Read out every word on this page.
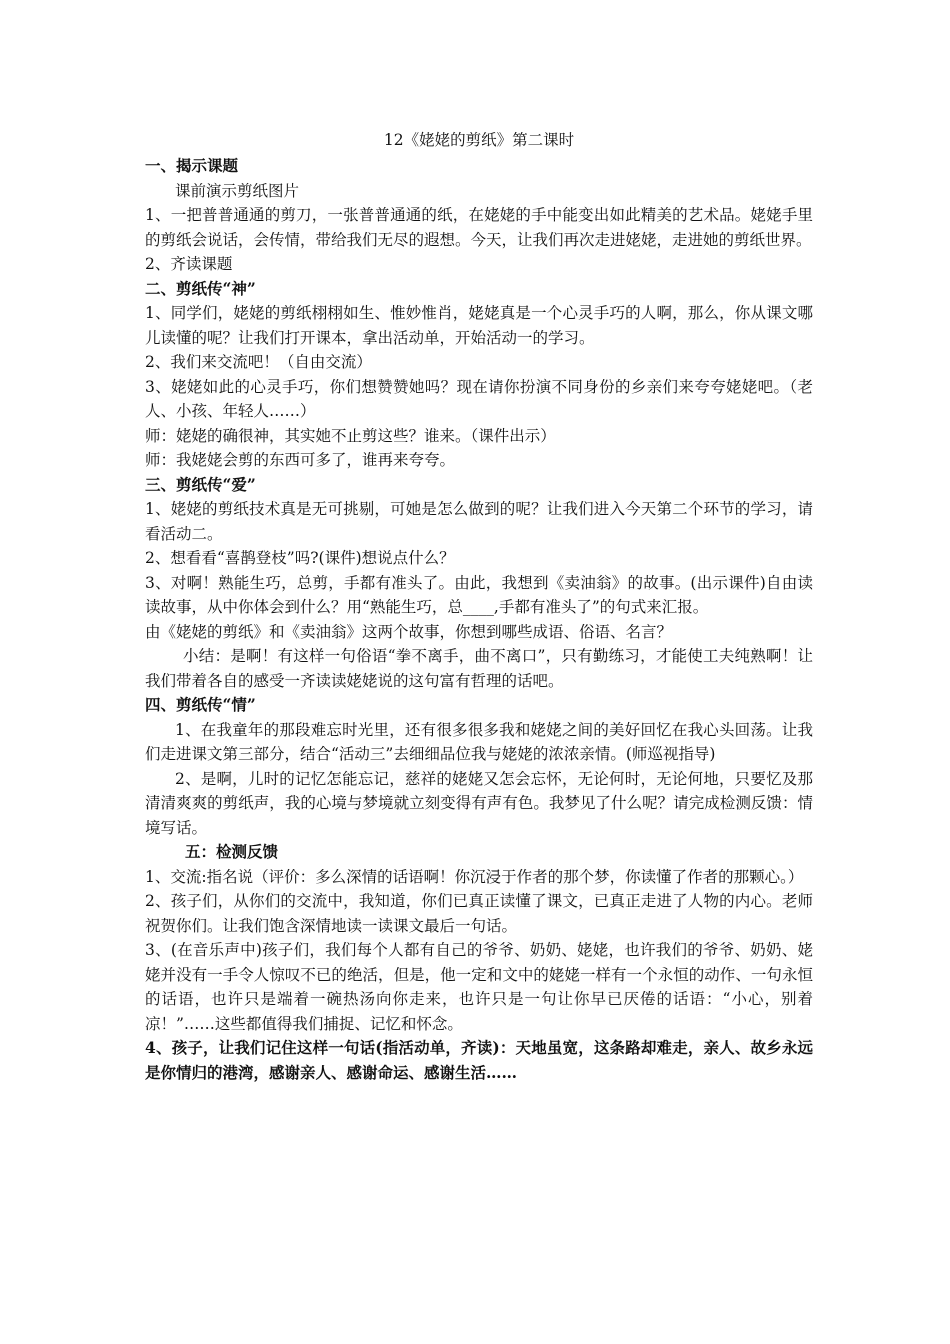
12《姥姥的剪纸》第二课时

一、揭示课题

课前演示剪纸图片

1、一把普普通通的剪刀，一张普普通通的纸，在姥姥的手中能变出如此精美的艺术品。姥姥手里的剪纸会说话，会传情，带给我们无尽的遐想。今天，让我们再次走进姥姥，走进她的剪纸世界。

2、齐读课题

二、剪纸传“神”

1、同学们，姥姥的剪纸栩栩如生、惟妙惟肖，姥姥真是一个心灵手巧的人啊，那么，你从课文哪儿读懂的呢？让我们打开课本，拿出活动单，开始活动一的学习。

2、我们来交流吧！（自由交流）

3、姥姥如此的心灵手巧，你们想赞赞她吗？现在请你扮演不同身份的乡亲们来夸夸姥姥吧。（老人、小孩、年轻人……）

师：姥姥的确很神，其实她不止剪这些？谁来。（课件出示）

师：我姥姥会剪的东西可多了，谁再来夸夸。

三、剪纸传“爱”

1、姥姥的剪纸技术真是无可挑剔，可她是怎么做到的呢？让我们进入今天第二个环节的学习，请看活动二。

2、想看看“喜鹊登枝”吗?(课件)想说点什么？

3、对啊！熟能生巧，总剪，手都有准头了。由此，我想到《卖油翁》的故事。(出示课件)自由读读故事，从中你体会到什么？用“熟能生巧，总____,手都有准头了”的句式来汇报。

由《姥姥的剪纸》和《卖油翁》这两个故事，你想到哪些成语、俗语、名言？

小结：是啊！有这样一句俗语“拳不离手，曲不离口”，只有勤练习，才能使工夫纯熟啊！让我们带着各自的感受一齐读读姥姥说的这句富有哲理的话吧。

四、剪纸传“情”

1、在我童年的那段难忘时光里，还有很多很多我和姥姥之间的美好回忆在我心头回荡。让我们走进课文第三部分，结合“活动三”去细细品位我与姥姥的浓浓亲情。(师巡视指导)

2、是啊，儿时的记忆怎能忘记，慈祥的姥姥又怎会忘怀，无论何时，无论何地，只要忆及那清清爽爽的剪纸声，我的心境与梦境就立刻变得有声有色。我梦见了什么呢？请完成检测反馈：情境写话。

五：检测反馈

1、交流:指名说（评价：多么深情的话语啊！你沉浸于作者的那个梦，你读懂了作者的那颗心。）

2、孩子们，从你们的交流中，我知道，你们已真正读懂了课文，已真正走进了人物的内心。老师祝贺你们。让我们饱含深情地读一读课文最后一句话。

3、(在音乐声中)孩子们，我们每个人都有自己的爷爷、奶奶、姥姥，也许我们的爷爷、奶奶、姥姥并没有一手令人惊叹不已的绝活，但是，他一定和文中的姥姥一样有一个永恒的动作、一句永恒的话语，也许只是端着一碗热汤向你走来，也许只是一句让你早已厌倦的话语：“小心，别着凉！”……这些都值得我们捕捉、记忆和怀念。

4、孩子，让我们记住这样一句话(指活动单，齐读)：天地虽宽，这条路却难走，亲人、故乡永远是你情归的港湾，感谢亲人、感谢命运、感谢生活……
